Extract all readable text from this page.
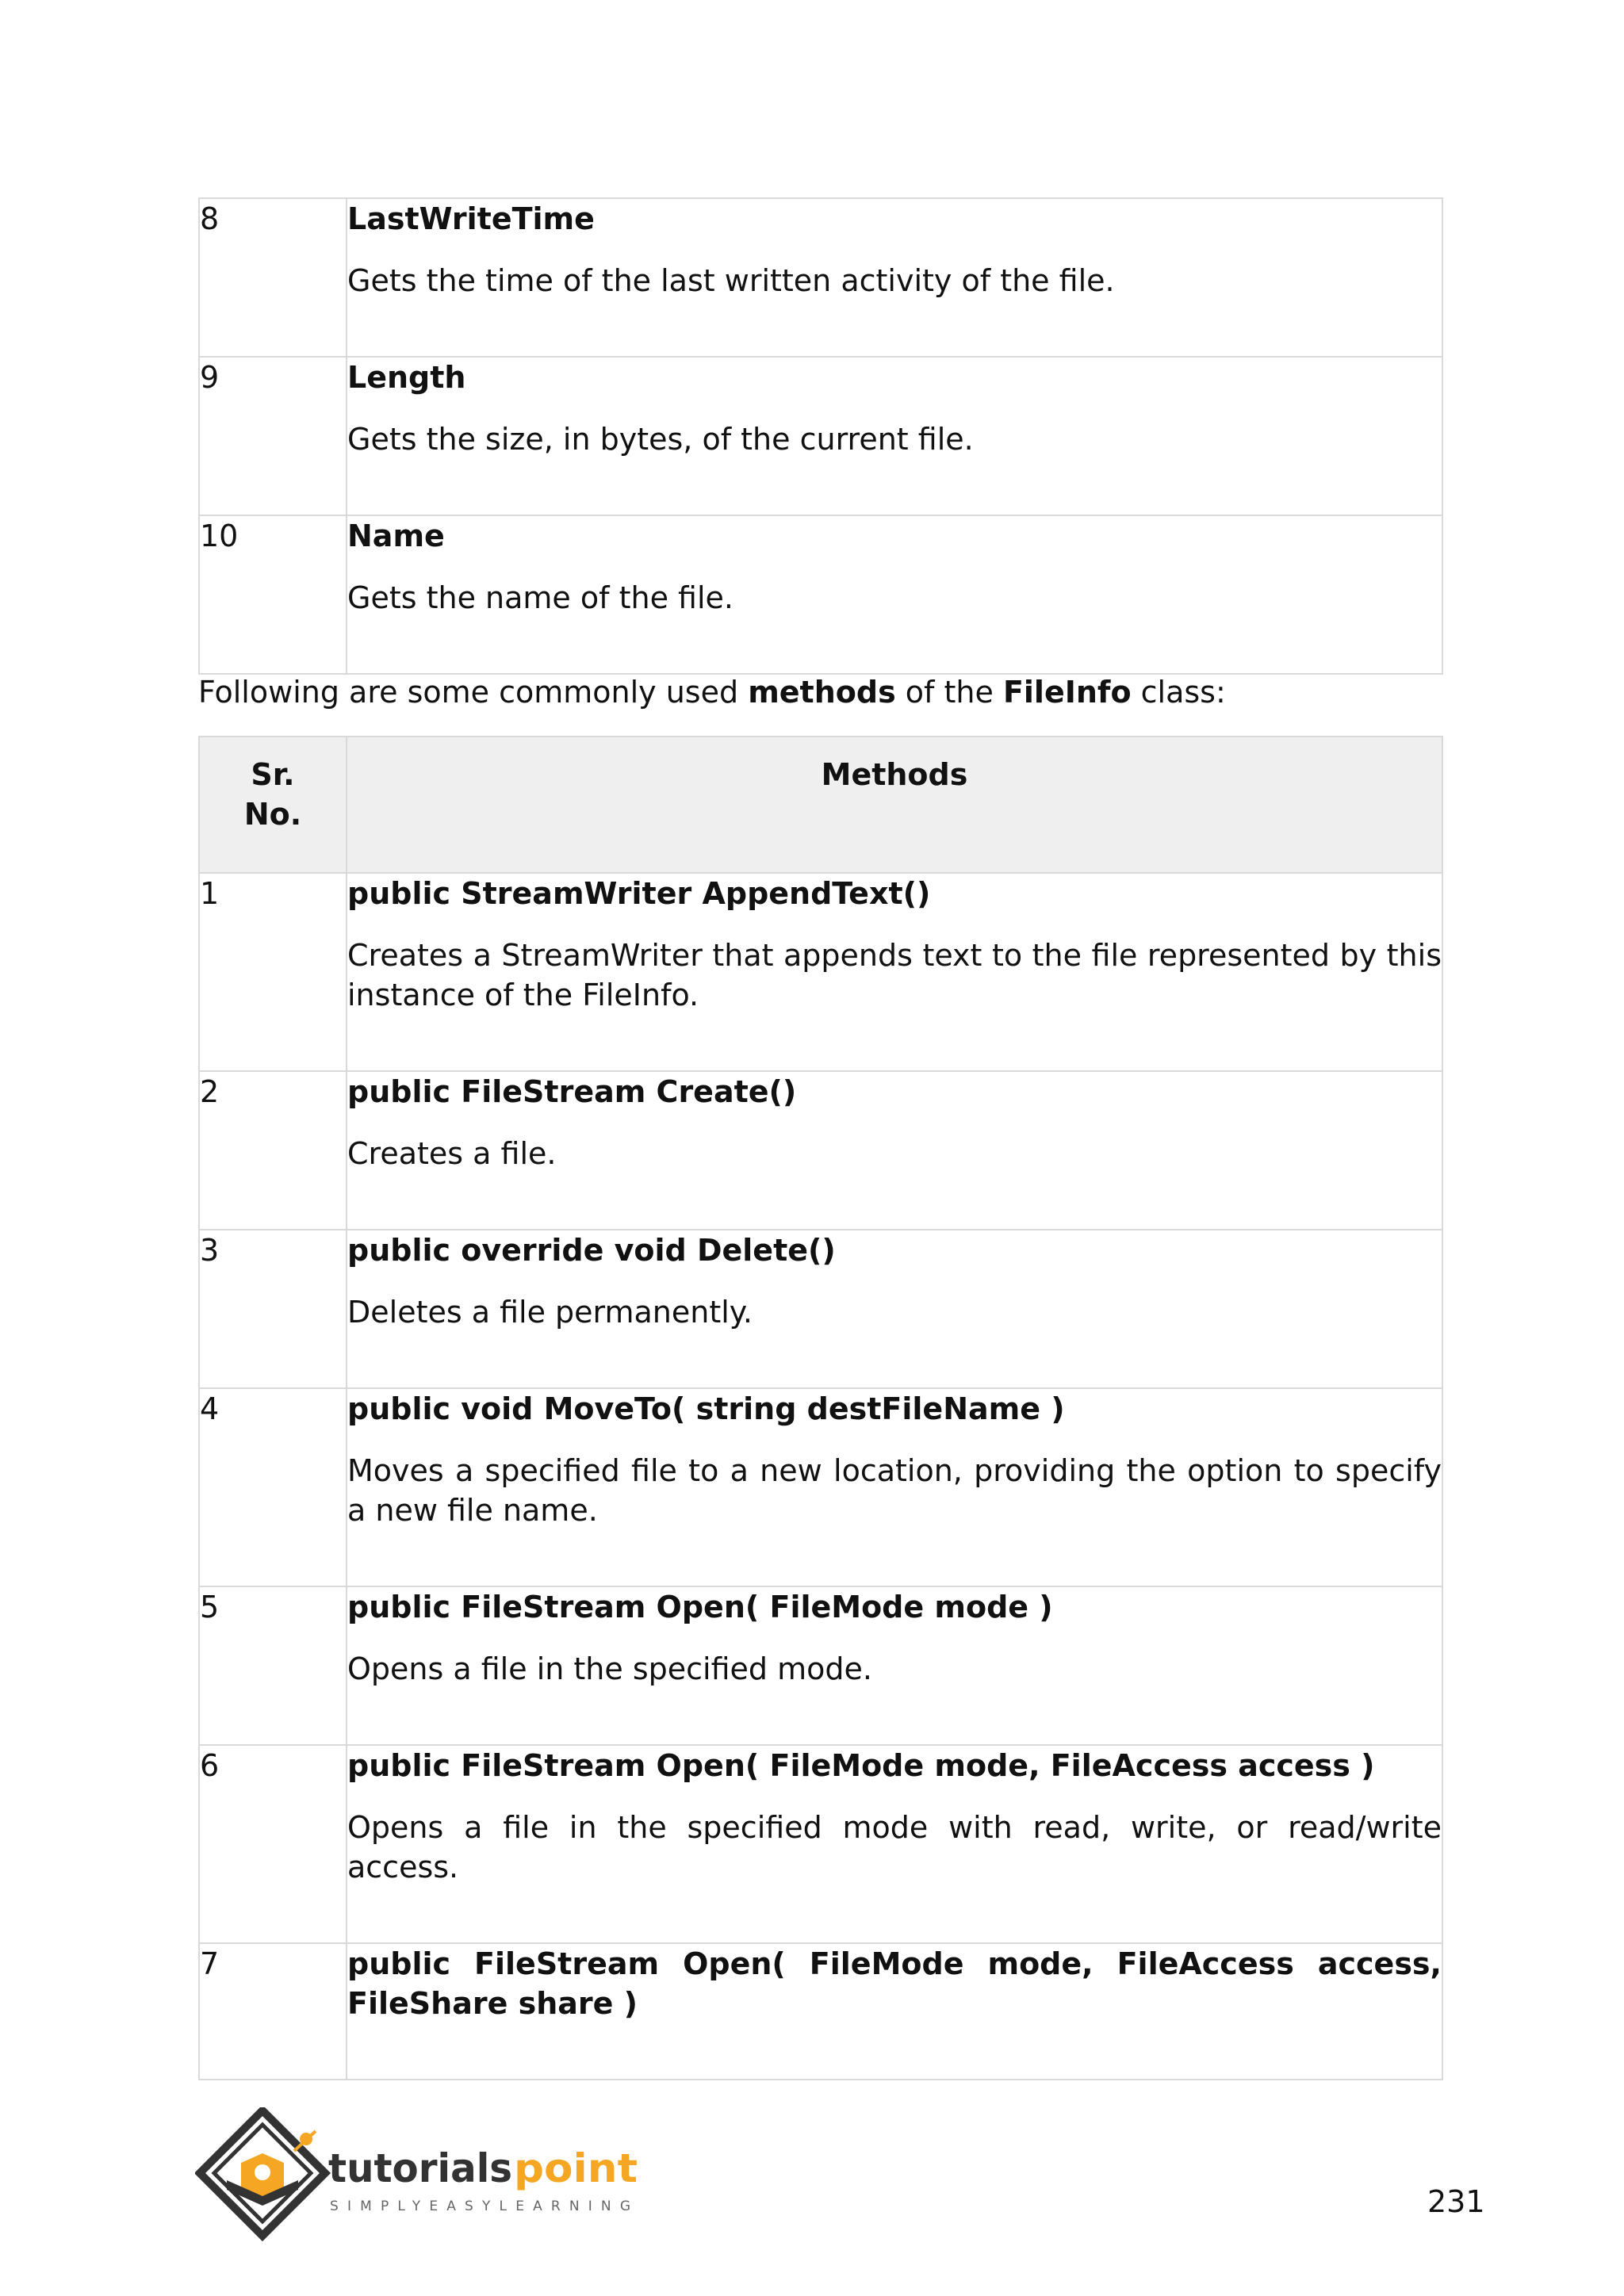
8	LastWriteTime

Gets the time of the last written activity of the file.

9	Length

Gets the size, in bytes, of the current file.

10	Name

Gets the name of the file.

Following are some commonly used methods of the FileInfo class:

Sr.
No.	Methods
1	public StreamWriter AppendText()

Creates a StreamWriter that appends text to the file represented by this instance of the FileInfo.

2	public FileStream Create()

Creates a file.

3	public override void Delete()

Deletes a file permanently.

4	public void MoveTo( string destFileName )

Moves a specified file to a new location, providing the option to specify a new file name.

5	public FileStream Open( FileMode mode )

Opens a file in the specified mode.

6	public FileStream Open( FileMode mode, FileAccess access )

Opens a file in the specified mode with read, write, or read/write access.

7	public FileStream Open( FileMode mode, FileAccess access, FileShare share )

tutorials point
SIMPLYEASYLEARNING	231
